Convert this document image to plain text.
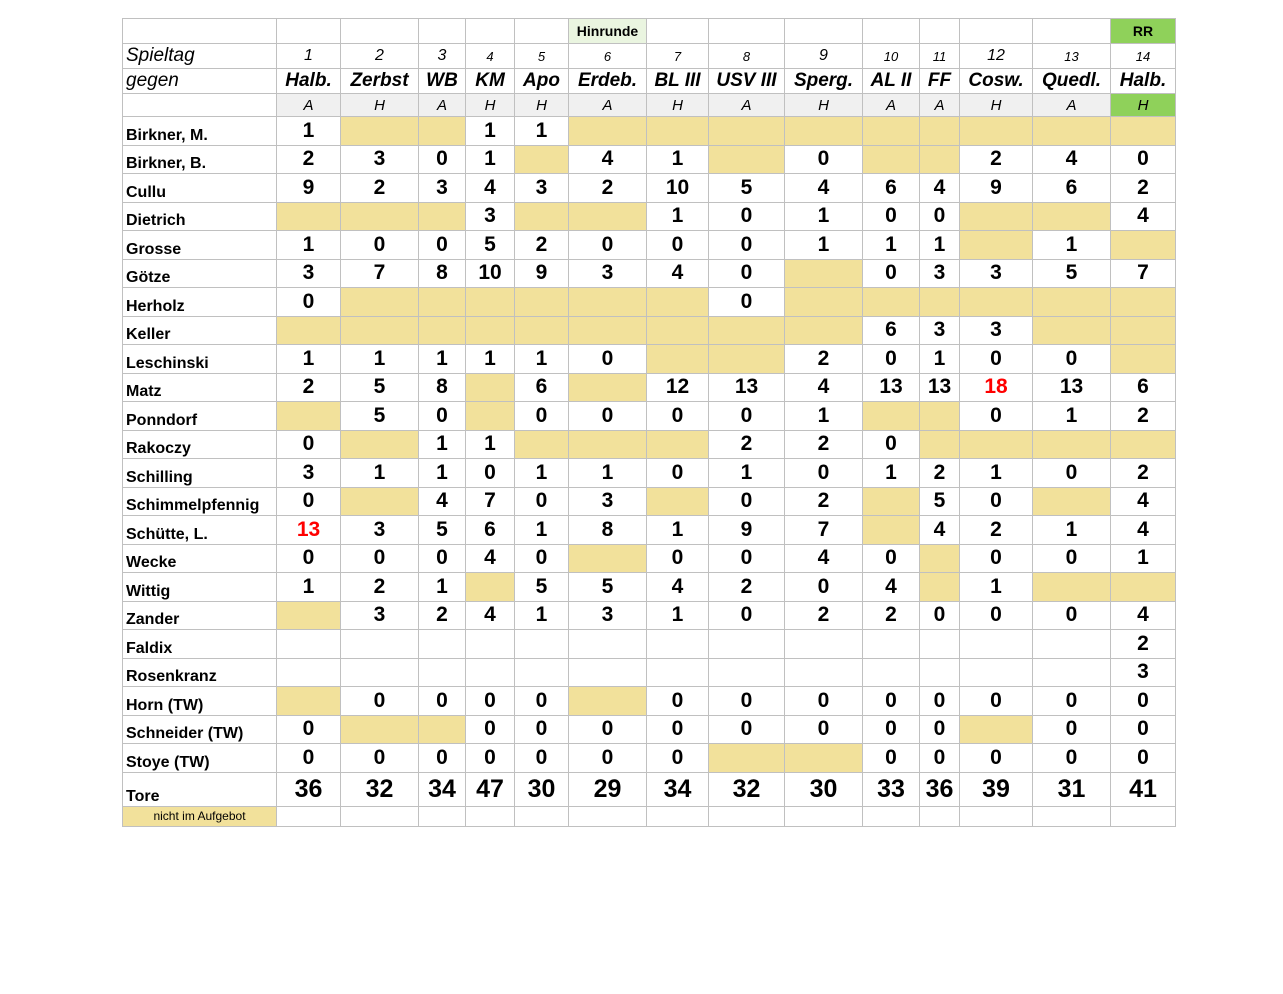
						Hinrunde								RR
Spieltag	1	2	3	4	5	6	7	8	9	10	11	12	13	14
gegen	Halb.	Zerbst	WB	KM	Apo	Erdeb.	BL III	USV III	Sperg.	AL II	FF	Cosw.	Quedl.	Halb.
	A	H	A	H	H	A	H	A	H	A	A	H	A	H
Birkner, M.	1			1	1									
Birkner, B.	2	3	0	1		4	1		0			2	4	0
Cullu	9	2	3	4	3	2	10	5	4	6	4	9	6	2
Dietrich				3			1	0	1	0	0			4
Grosse	1	0	0	5	2	0	0	0	1	1	1		1	
Götze	3	7	8	10	9	3	4	0		0	3	3	5	7
Herholz	0							0						
Keller										6	3	3		
Leschinski	1	1	1	1	1	0			2	0	1	0	0	
Matz	2	5	8		6		12	13	4	13	13	18	13	6
Ponndorf		5	0		0	0	0	0	1			0	1	2
Rakoczy	0		1	1				2	2	0				
Schilling	3	1	1	0	1	1	0	1	0	1	2	1	0	2
Schimmelpfennig	0		4	7	0	3		0	2		5	0		4
Schütte, L.	13	3	5	6	1	8	1	9	7		4	2	1	4
Wecke	0	0	0	4	0		0	0	4	0		0	0	1
Wittig	1	2	1		5	5	4	2	0	4		1		
Zander		3	2	4	1	3	1	0	2	2	0	0	0	4
Faldix														2
Rosenkranz														3
Horn (TW)		0	0	0	0		0	0	0	0	0	0	0	0
Schneider (TW)	0			0	0	0	0	0	0	0	0		0	0
Stoye (TW)	0	0	0	0	0	0	0			0	0	0	0	0
Tore	36	32	34	47	30	29	34	32	30	33	36	39	31	41
nicht im Aufgebot														
